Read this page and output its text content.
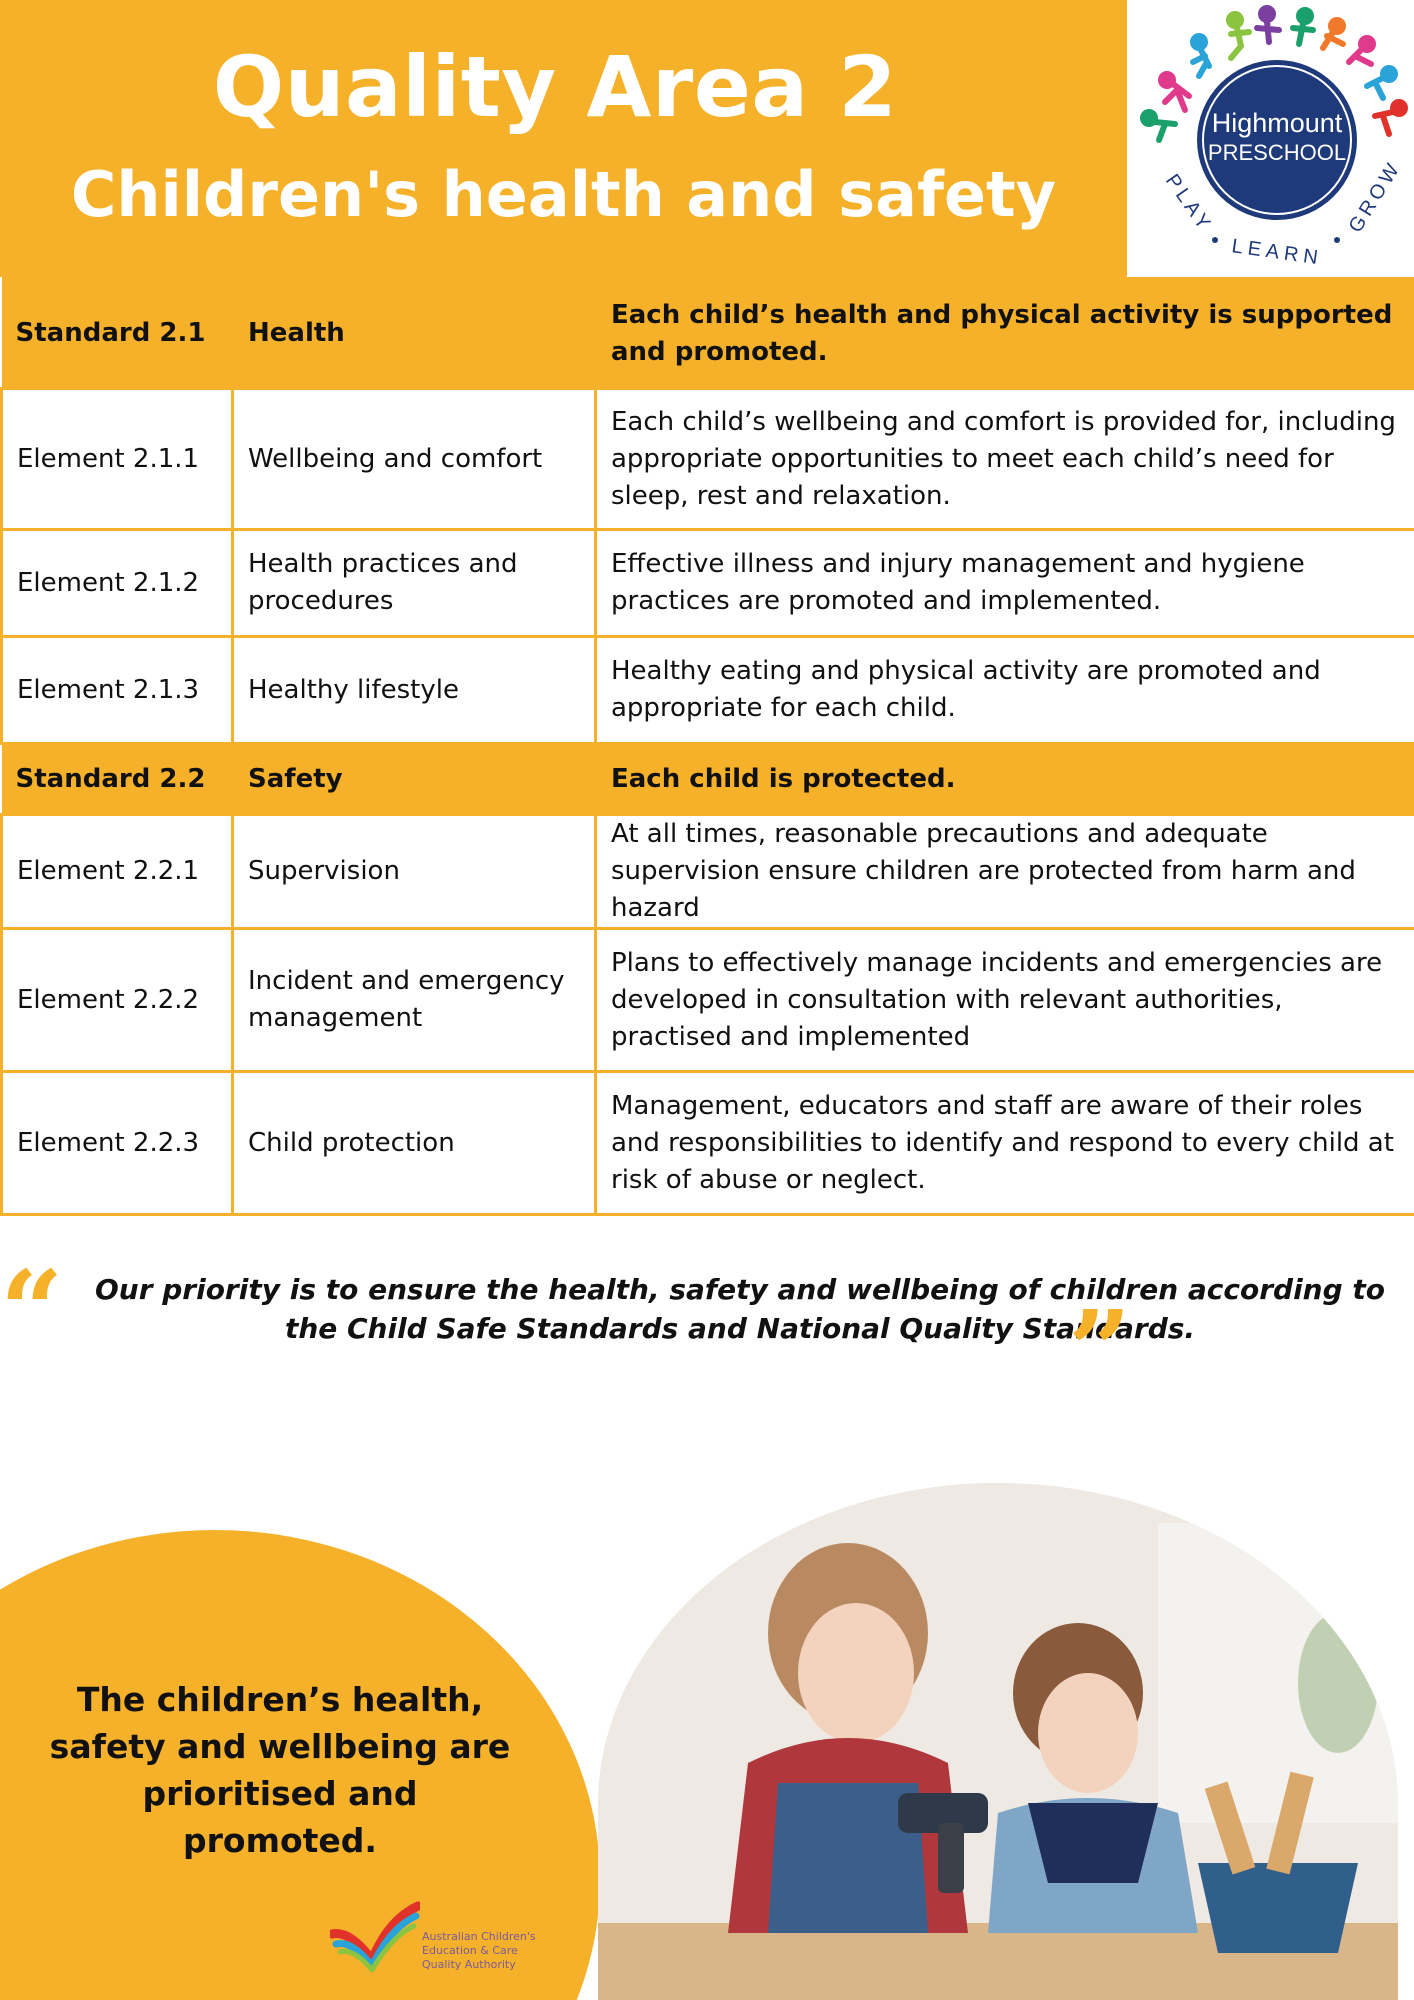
Quality Area 2
Children's health and safety
Highmount
PRESCHOOL
PLAY
LEARN
GROW
Standard 2.1	Health	Each child’s health and physical activity is supported and promoted.
Element 2.1.1	Wellbeing and comfort	Each child’s wellbeing and comfort is provided for, including appropriate opportunities to meet each child’s need for sleep, rest and relaxation.
Element 2.1.2	Health practices and procedures	Effective illness and injury management and hygiene practices are promoted and implemented.
Element 2.1.3	Healthy lifestyle	Healthy eating and physical activity are promoted and appropriate for each child.
Standard 2.2	Safety	Each child is protected.
Element 2.2.1	Supervision	At all times, reasonable precautions and adequate supervision ensure children are protected from harm and hazard
Element 2.2.2	Incident and emergency management	Plans to effectively manage incidents and emergencies are developed in consultation with relevant authorities, practised and implemented
Element 2.2.3	Child protection	Management, educators and staff are aware of their roles and responsibilities to identify and respond to every child at risk of abuse or neglect.
“	Our priority is to ensure the health, safety and wellbeing of children according to the Child Safe Standards and National Quality Standards.
”
The children’s health, safety and wellbeing are prioritised and promoted.
Australian Children's
Education & Care
Quality Authority
